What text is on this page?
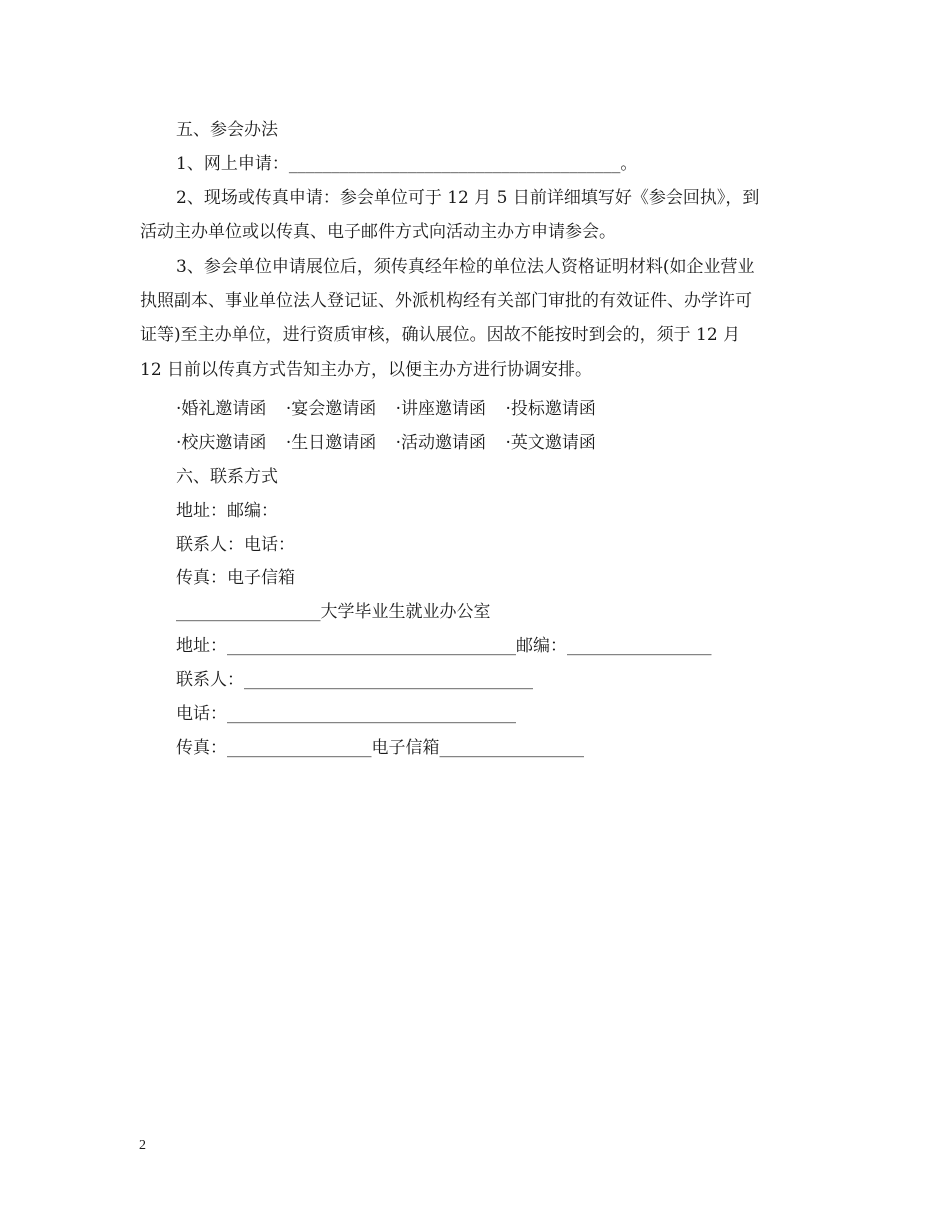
五、参会办法
1、网上申请：_______________________________________。
2、现场或传真申请：参会单位可于 12 月 5 日前详细填写好《参会回执》，到
活动主办单位或以传真、电子邮件方式向活动主办方申请参会。
3、参会单位申请展位后，须传真经年检的单位法人资格证明材料(如企业营业
执照副本、事业单位法人登记证、外派机构经有关部门审批的有效证件、办学许可
证等)至主办单位，进行资质审核，确认展位。因故不能按时到会的，须于 12 月
12 日前以传真方式告知主办方，以便主办方进行协调安排。
·婚礼邀请函 ·宴会邀请函 ·讲座邀请函 ·投标邀请函
·校庆邀请函 ·生日邀请函 ·活动邀请函 ·英文邀请函
六、联系方式
地址：邮编：
联系人：电话：
传真：电子信箱
_________________大学毕业生就业办公室
地址：__________________________________邮编：_________________
联系人：__________________________________
电话：__________________________________
传真：_________________电子信箱_________________
2
